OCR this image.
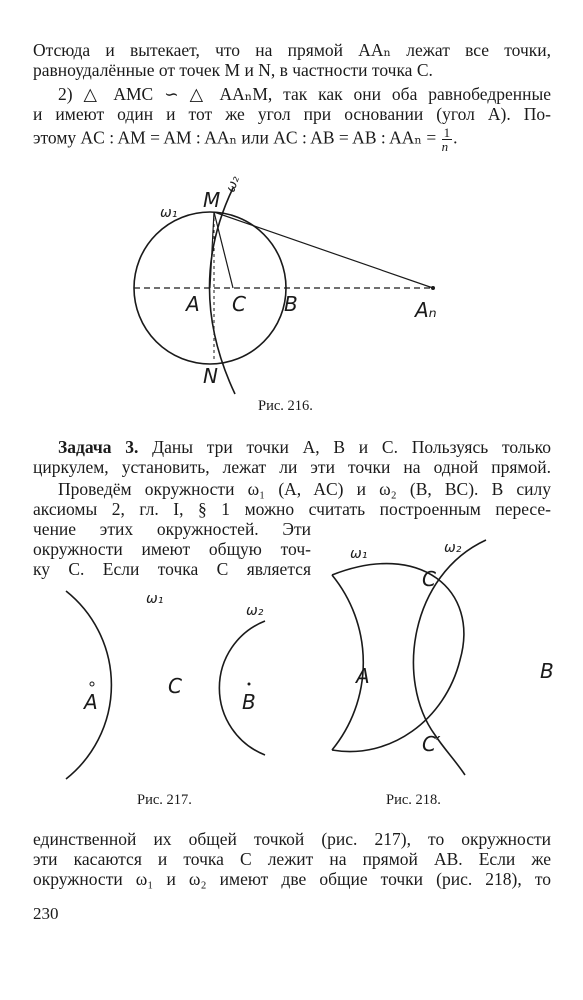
Отсюда и вытекает, что на прямой AAₙ лежат все точки,
равноудалённые от точек M и N, в частности точка C.
2) △ AMC ∽ △ AAₙM, так как они оба равнобедренные
и имеют один и тот же угол при основании (угол A). По-
этому AC : AM = AM : AAₙ или AC : AB = AB : $AA_n = \frac{1}{n}$ .
M
ω₂
ω₁
A C B	Aₙ
N
Рис. 216.
Задача 3. Даны три точки A, B и C. Пользуясь только
циркулем, установить, лежат ли эти точки на одной прямой.
Проведём окружности ω₁ (A, AC) и ω₂ (B, BC). В силу
аксиомы 2, гл. I, § 1 можно считать построенным пересе-
чение этих окружностей. Эти
окружности имеют общую точ-
ку C. Если точка C является
ω₁
ω₂
A
C
B
Рис. 217.
ω₁	ω₂
C
A
C′
B
Рис. 218.
единственной их общей точкой (рис. 217), то окружности
эти касаются и точка C лежит на прямой AB. Если же
окружности ω₁ и ω₂ имеют две общие точки (рис. 218), то
230
